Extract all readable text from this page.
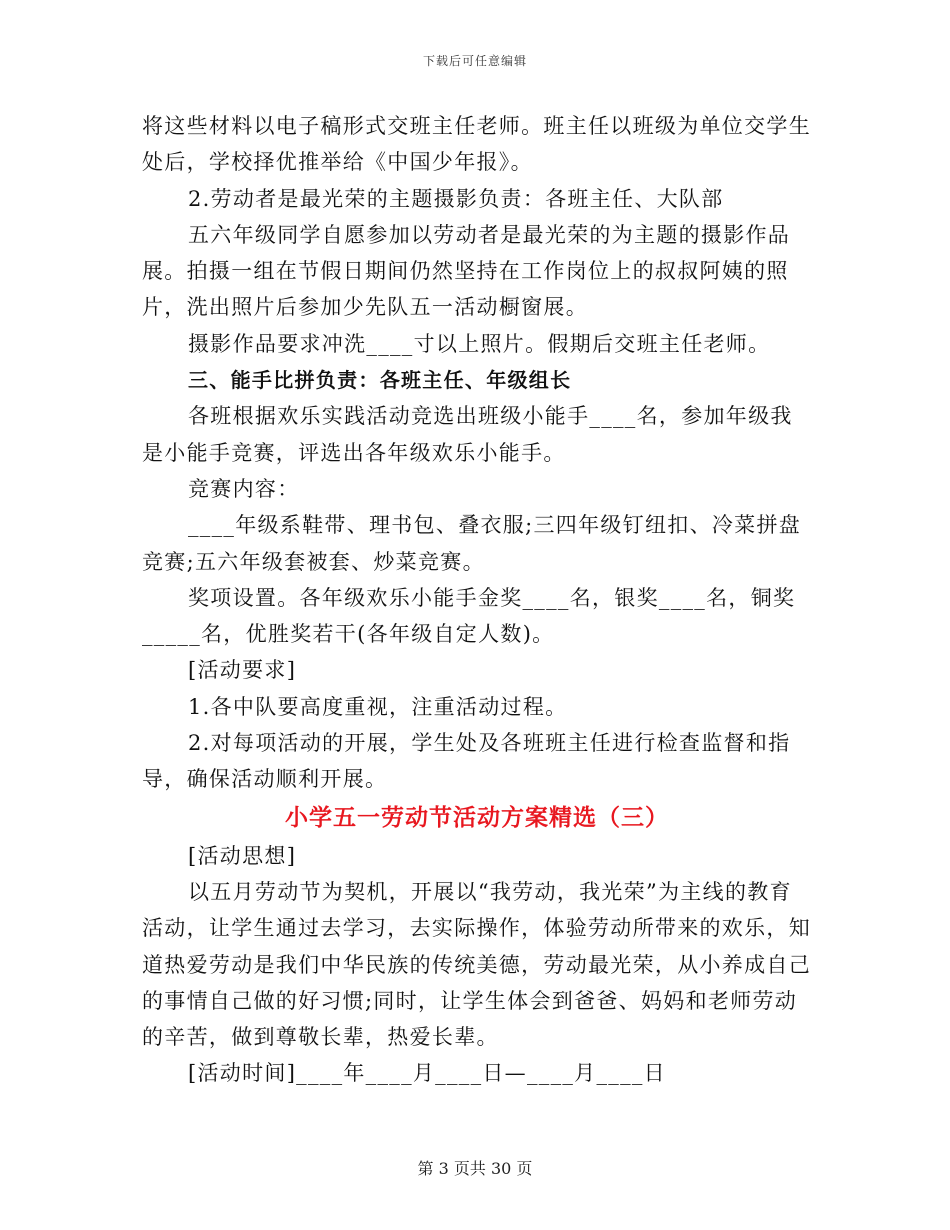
下载后可任意编辑

将这些材料以电子稿形式交班主任老师。班主任以班级为单位交学生处后，学校择优推举给《中国少年报》。

2.劳动者是最光荣的主题摄影负责：各班主任、大队部

五六年级同学自愿参加以劳动者是最光荣的为主题的摄影作品展。拍摄一组在节假日期间仍然坚持在工作岗位上的叔叔阿姨的照片，洗出照片后参加少先队五一活动橱窗展。

摄影作品要求冲洗____寸以上照片。假期后交班主任老师。

三、能手比拼负责：各班主任、年级组长

各班根据欢乐实践活动竞选出班级小能手____名，参加年级我是小能手竞赛，评选出各年级欢乐小能手。

竞赛内容：

____年级系鞋带、理书包、叠衣服;三四年级钉纽扣、冷菜拼盘竞赛;五六年级套被套、炒菜竞赛。

奖项设置。各年级欢乐小能手金奖____名，银奖____名，铜奖_____名，优胜奖若干(各年级自定人数)。

[活动要求]

1.各中队要高度重视，注重活动过程。

2.对每项活动的开展，学生处及各班班主任进行检查监督和指导，确保活动顺利开展。

小学五一劳动节活动方案精选（三）

[活动思想]

以五月劳动节为契机，开展以“我劳动，我光荣”为主线的教育活动，让学生通过去学习，去实际操作，体验劳动所带来的欢乐，知道热爱劳动是我们中华民族的传统美德，劳动最光荣，从小养成自己的事情自己做的好习惯;同时，让学生体会到爸爸、妈妈和老师劳动的辛苦，做到尊敬长辈，热爱长辈。

[活动时间]____年____月____日—____月____日

第 3 页共 30 页
